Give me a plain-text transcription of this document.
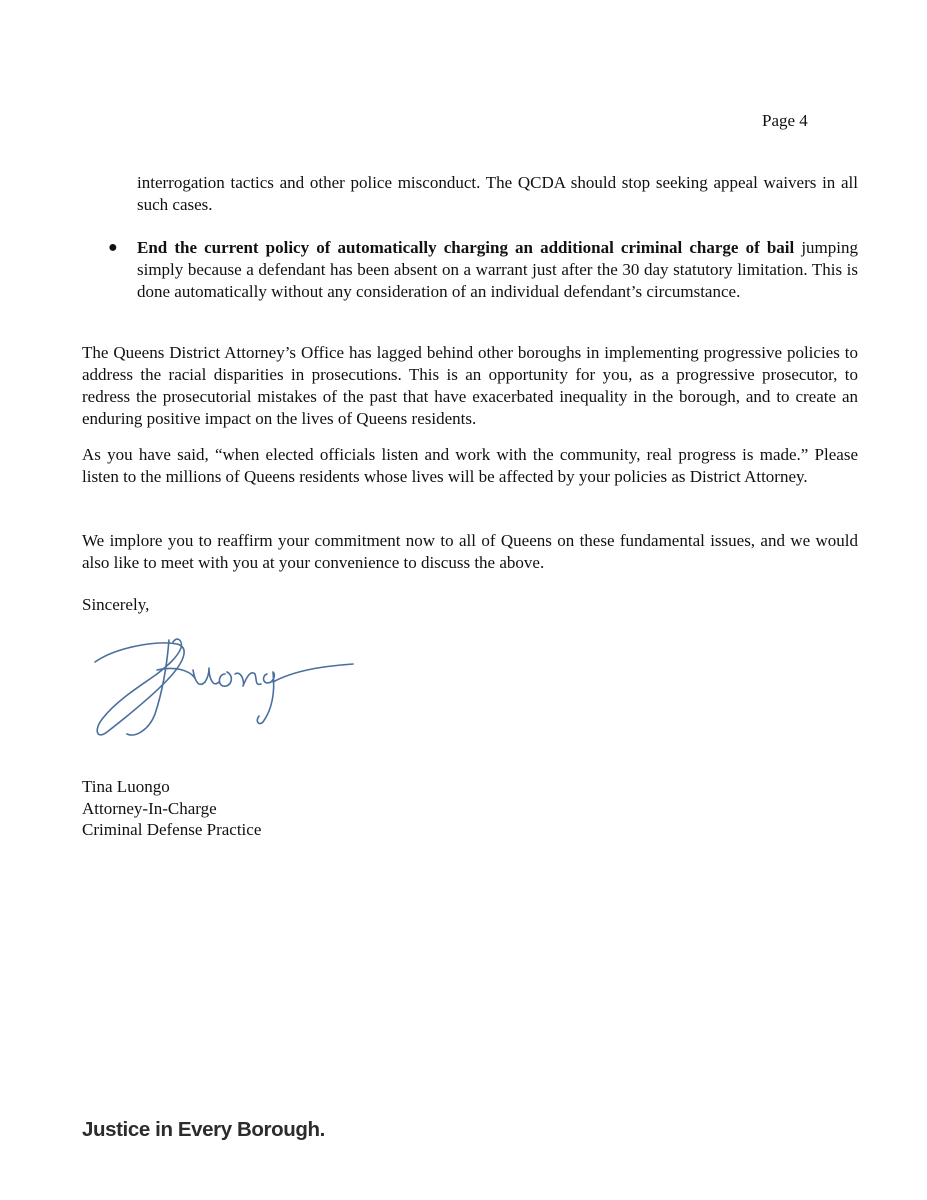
Page 4

interrogation tactics and other police misconduct. The QCDA should stop seeking appeal waivers in all such cases.

● End the current policy of automatically charging an additional criminal charge of bail jumping simply because a defendant has been absent on a warrant just after the 30 day statutory limitation. This is done automatically without any consideration of an individual defendant’s circumstance.

The Queens District Attorney’s Office has lagged behind other boroughs in implementing progressive policies to address the racial disparities in prosecutions. This is an opportunity for you, as a progressive prosecutor, to redress the prosecutorial mistakes of the past that have exacerbated inequality in the borough, and to create an enduring positive impact on the lives of Queens residents.

As you have said, “when elected officials listen and work with the community, real progress is made.” Please listen to the millions of Queens residents whose lives will be affected by your policies as District Attorney.

We implore you to reaffirm your commitment now to all of Queens on these fundamental issues, and we would also like to meet with you at your convenience to discuss the above.

Sincerely,

Tina Luongo
Attorney-In-Charge
Criminal Defense Practice
Justice in Every Borough.
